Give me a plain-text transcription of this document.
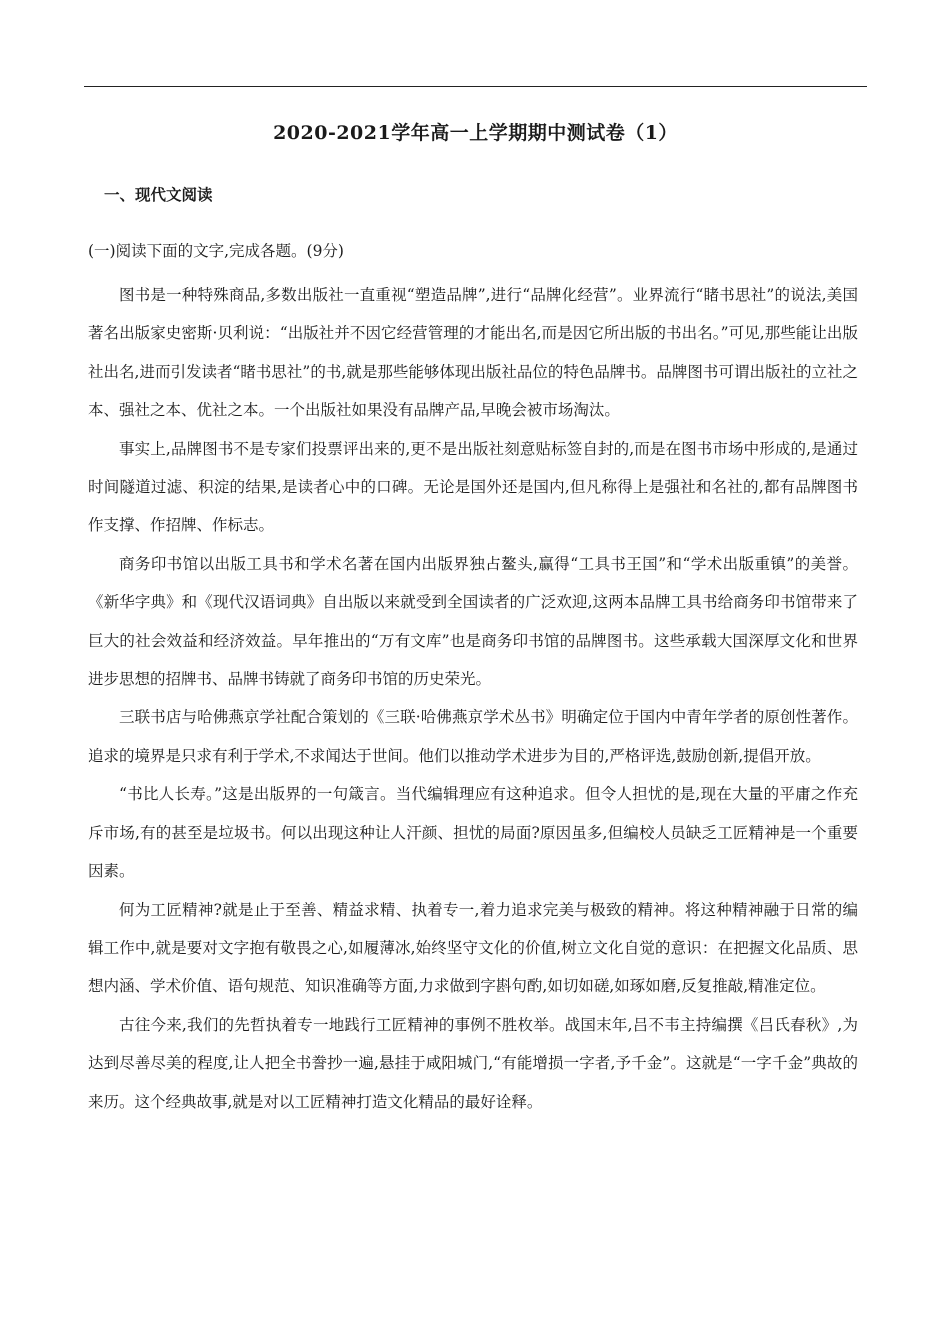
2020-2021学年高一上学期期中测试卷（1）
一、现代文阅读
(一)阅读下面的文字,完成各题。(9分)

图书是一种特殊商品,多数出版社一直重视“塑造品牌”,进行“品牌化经营”。业界流行“睹书思社”的说法,美国著名出版家史密斯·贝利说：“出版社并不因它经营管理的才能出名,而是因它所出版的书出名。”可见,那些能让出版社出名,进而引发读者“睹书思社”的书,就是那些能够体现出版社品位的特色品牌书。品牌图书可谓出版社的立社之本、强社之本、优社之本。一个出版社如果没有品牌产品,早晚会被市场淘汰。

事实上,品牌图书不是专家们投票评出来的,更不是出版社刻意贴标签自封的,而是在图书市场中形成的,是通过时间隧道过滤、积淀的结果,是读者心中的口碑。无论是国外还是国内,但凡称得上是强社和名社的,都有品牌图书作支撑、作招牌、作标志。

商务印书馆以出版工具书和学术名著在国内出版界独占鳌头,赢得“工具书王国”和“学术出版重镇”的美誉。《新华字典》和《现代汉语词典》自出版以来就受到全国读者的广泛欢迎,这两本品牌工具书给商务印书馆带来了巨大的社会效益和经济效益。早年推出的“万有文库”也是商务印书馆的品牌图书。这些承载大国深厚文化和世界进步思想的招牌书、品牌书铸就了商务印书馆的历史荣光。

三联书店与哈佛燕京学社配合策划的《三联·哈佛燕京学术丛书》明确定位于国内中青年学者的原创性著作。追求的境界是只求有利于学术,不求闻达于世间。他们以推动学术进步为目的,严格评选,鼓励创新,提倡开放。

“书比人长寿。”这是出版界的一句箴言。当代编辑理应有这种追求。但令人担忧的是,现在大量的平庸之作充斥市场,有的甚至是垃圾书。何以出现这种让人汗颜、担忧的局面?原因虽多,但编校人员缺乏工匠精神是一个重要因素。

何为工匠精神?就是止于至善、精益求精、执着专一,着力追求完美与极致的精神。将这种精神融于日常的编辑工作中,就是要对文字抱有敬畏之心,如履薄冰,始终坚守文化的价值,树立文化自觉的意识：在把握文化品质、思想内涵、学术价值、语句规范、知识准确等方面,力求做到字斟句酌,如切如磋,如琢如磨,反复推敲,精准定位。

古往今来,我们的先哲执着专一地践行工匠精神的事例不胜枚举。战国末年,吕不韦主持编撰《吕氏春秋》,为达到尽善尽美的程度,让人把全书誊抄一遍,悬挂于咸阳城门,“有能增损一字者,予千金”。这就是“一字千金”典故的来历。这个经典故事,就是对以工匠精神打造文化精品的最好诠释。
